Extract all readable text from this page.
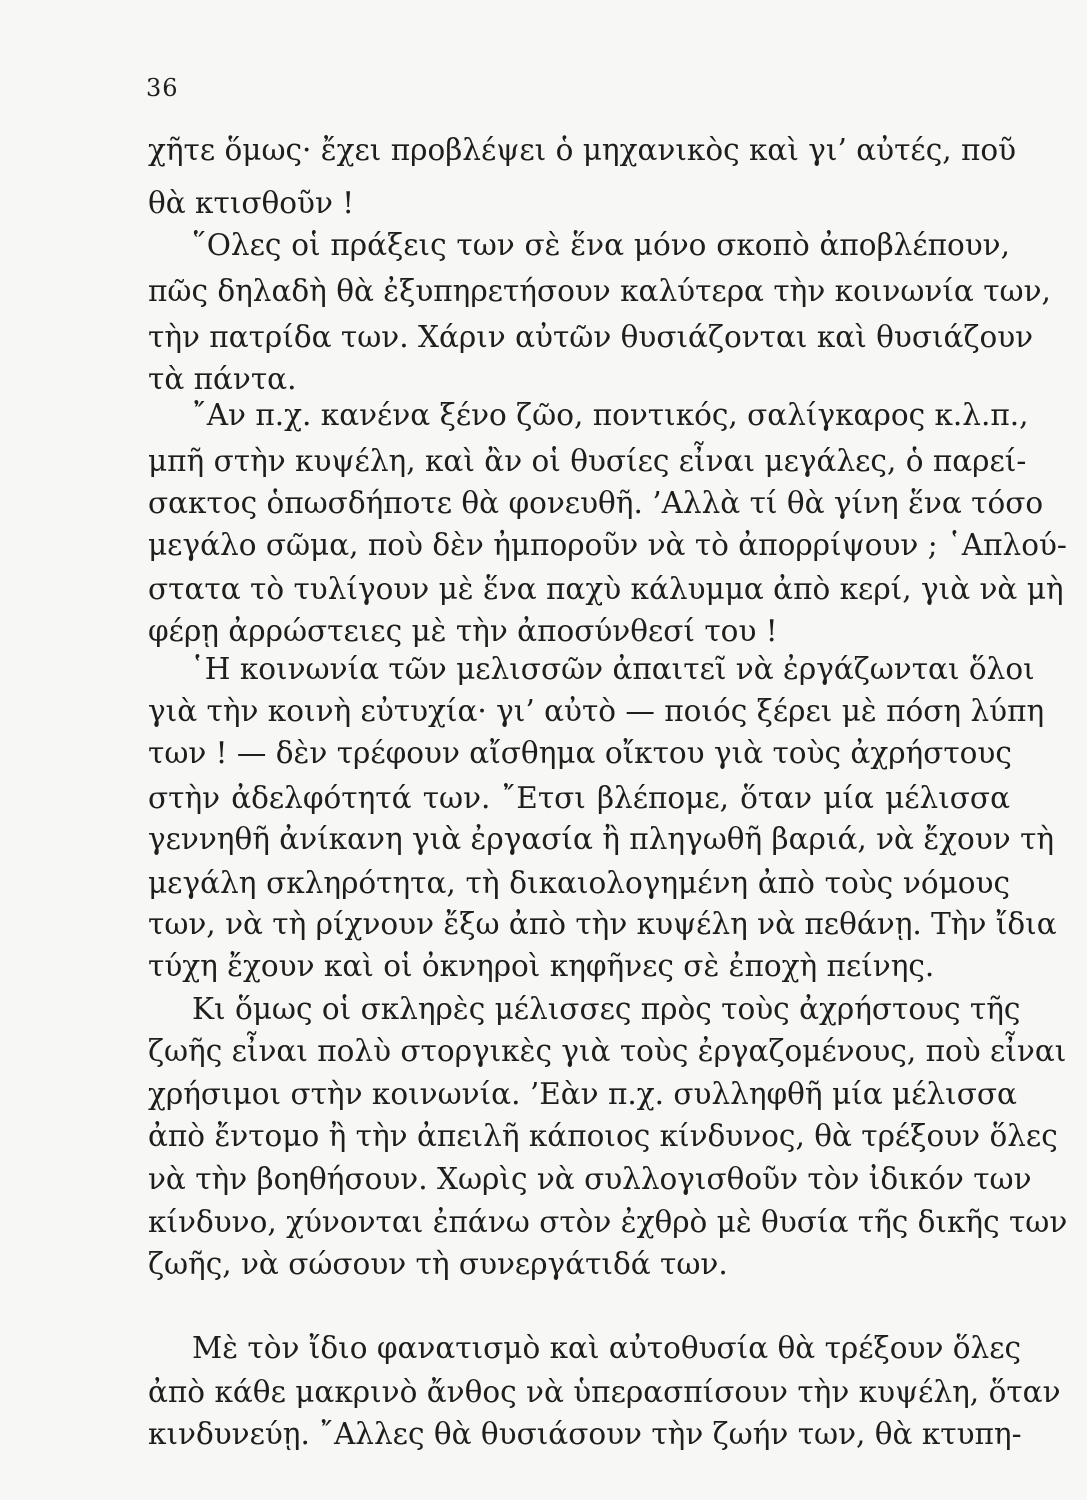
36
χῆτε ὅμως· ἔχει προβλέψει ὁ μηχανικὸς καὶ γι’ αὐτές, ποῦ
θὰ κτισθοῦν !
῞Ολες οἱ πράξεις των σὲ ἕνα μόνο σκοπὸ ἀποβλέπουν,
πῶς δηλαδὴ θὰ ἐξυπηρετήσουν καλύτερα τὴν κοινωνία των,
τὴν πατρίδα των. Χάριν αὐτῶν θυσιάζονται καὶ θυσιάζουν
τὰ πάντα.
῎Αν π.χ. κανένα ξένο ζῶο, ποντικός, σαλίγκαρος κ.λ.π.,
μπῆ στὴν κυψέλη, καὶ ἂν οἱ θυσίες εἶναι μεγάλες, ὁ παρεί-
σακτος ὁπωσδήποτε θὰ φονευθῆ. ’Αλλὰ τί θὰ γίνη ἕνα τόσο
μεγάλο σῶμα, ποὺ δὲν ἠμποροῦν νὰ τὸ ἀπορρίψουν ; ῾Απλού-
στατα τὸ τυλίγουν μὲ ἕνα παχὺ κάλυμμα ἀπὸ κερί, γιὰ νὰ μὴ
φέρῃ ἀρρώστειες μὲ τὴν ἀποσύνθεσί του !
῾Η κοινωνία τῶν μελισσῶν ἀπαιτεῖ νὰ ἐργάζωνται ὅλοι
γιὰ τὴν κοινὴ εὐτυχία· γι’ αὐτὸ — ποιός ξέρει μὲ πόση λύπη
των ! — δὲν τρέφουν αἴσθημα οἴκτου γιὰ τοὺς ἀχρήστους
στὴν ἀδελφότητά των. ῎Ετσι βλέπομε, ὅταν μία μέλισσα
γεννηθῆ ἀνίκανη γιὰ ἐργασία ἢ πληγωθῆ βαριά, νὰ ἔχουν τὴ
μεγάλη σκληρότητα, τὴ δικαιολογημένη ἀπὸ τοὺς νόμους
των, νὰ τὴ ρίχνουν ἔξω ἀπὸ τὴν κυψέλη νὰ πεθάνῃ. Τὴν ἴδια
τύχη ἔχουν καὶ οἱ ὀκνηροὶ κηφῆνες σὲ ἐποχὴ πείνης.
Κι ὅμως οἱ σκληρὲς μέλισσες πρὸς τοὺς ἀχρήστους τῆς
ζωῆς εἶναι πολὺ στοργικὲς γιὰ τοὺς ἐργαζομένους, ποὺ εἶναι
χρήσιμοι στὴν κοινωνία. ’Εὰν π.χ. συλληφθῆ μία μέλισσα
ἀπὸ ἔντομο ἢ τὴν ἀπειλῆ κάποιος κίνδυνος, θὰ τρέξουν ὅλες
νὰ τὴν βοηθήσουν. Χωρὶς νὰ συλλογισθοῦν τὸν ἰδικόν των
κίνδυνο, χύνονται ἐπάνω στὸν ἐχθρὸ μὲ θυσία τῆς δικῆς των
ζωῆς, νὰ σώσουν τὴ συνεργάτιδά των.
Μὲ τὸν ἴδιο φανατισμὸ καὶ αὐτοθυσία θὰ τρέξουν ὅλες
ἀπὸ κάθε μακρινὸ ἄνθος νὰ ὑπερασπίσουν τὴν κυψέλη, ὅταν
κινδυνεύῃ. ῎Αλλες θὰ θυσιάσουν τὴν ζωήν των, θὰ κτυπη-
